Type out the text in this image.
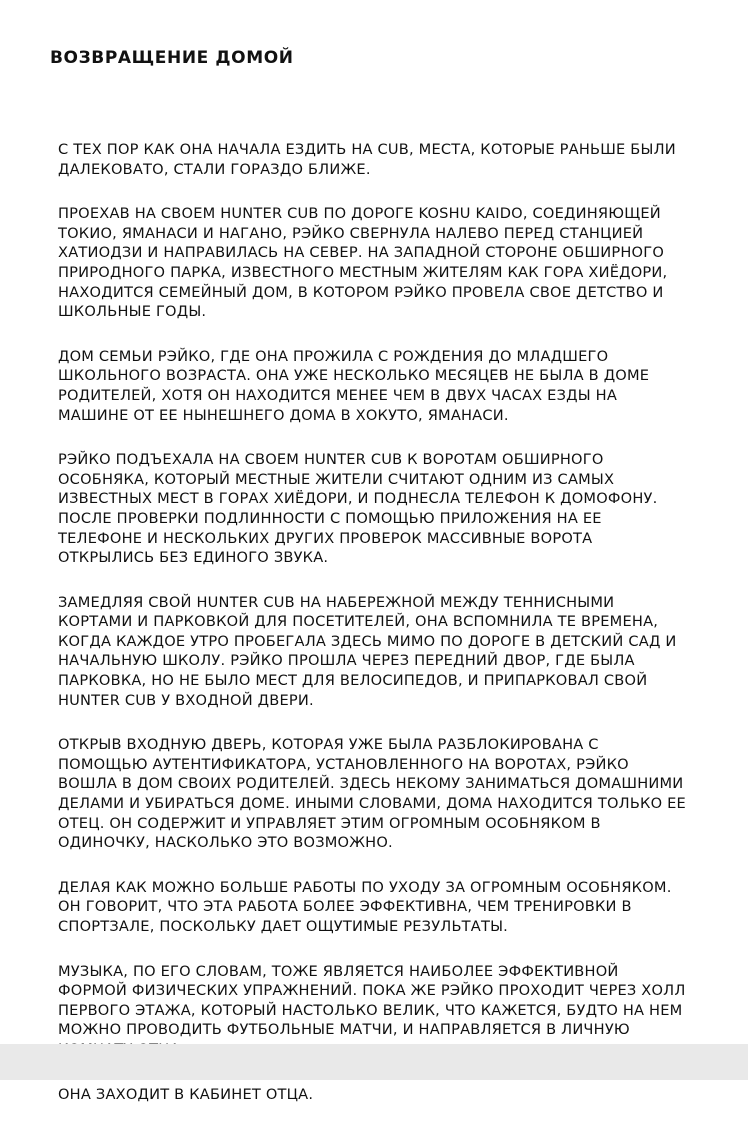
ВОЗВРАЩЕНИЕ ДОМОЙ

С ТЕХ ПОР КАК ОНА НАЧАЛА ЕЗДИТЬ НА CUB, МЕСТА, КОТОРЫЕ РАНЬШЕ БЫЛИ ДАЛЕКОВАТО, СТАЛИ ГОРАЗДО БЛИЖЕ.

ПРОЕХАВ НА СВОЕМ HUNTER CUB ПО ДОРОГЕ KOSHU KAIDO, СОЕДИНЯЮЩЕЙ ТОКИО, ЯМАНАСИ И НАГАНО, РЭЙКО СВЕРНУЛА НАЛЕВО ПЕРЕД СТАНЦИЕЙ ХАТИОДЗИ И НАПРАВИЛАСЬ НА СЕВЕР. НА ЗАПАДНОЙ СТОРОНЕ ОБШИРНОГО ПРИРОДНОГО ПАРКА, ИЗВЕСТНОГО МЕСТНЫМ ЖИТЕЛЯМ КАК ГОРА ХИЁДОРИ, НАХОДИТСЯ СЕМЕЙНЫЙ ДОМ, В КОТОРОМ РЭЙКО ПРОВЕЛА СВОЕ ДЕТСТВО И ШКОЛЬНЫЕ ГОДЫ.

ДОМ СЕМЬИ РЭЙКО, ГДЕ ОНА ПРОЖИЛА С РОЖДЕНИЯ ДО МЛАДШЕГО ШКОЛЬНОГО ВОЗРАСТА. ОНА УЖЕ НЕСКОЛЬКО МЕСЯЦЕВ НЕ БЫЛА В ДОМЕ РОДИТЕЛЕЙ, ХОТЯ ОН НАХОДИТСЯ МЕНЕЕ ЧЕМ В ДВУХ ЧАСАХ ЕЗДЫ НА МАШИНЕ ОТ ЕЕ НЫНЕШНЕГО ДОМА В ХОКУТО, ЯМАНАСИ.

РЭЙКО ПОДЪЕХАЛА НА СВОЕМ HUNTER CUB К ВОРОТАМ ОБШИРНОГО ОСОБНЯКА, КОТОРЫЙ МЕСТНЫЕ ЖИТЕЛИ СЧИТАЮТ ОДНИМ ИЗ САМЫХ ИЗВЕСТНЫХ МЕСТ В ГОРАХ ХИЁДОРИ, И ПОДНЕСЛА ТЕЛЕФОН К ДОМОФОНУ. ПОСЛЕ ПРОВЕРКИ ПОДЛИННОСТИ С ПОМОЩЬЮ ПРИЛОЖЕНИЯ НА ЕЕ ТЕЛЕФОНЕ И НЕСКОЛЬКИХ ДРУГИХ ПРОВЕРОК МАССИВНЫЕ ВОРОТА ОТКРЫЛИСЬ БЕЗ ЕДИНОГО ЗВУКА.

ЗАМЕДЛЯЯ СВОЙ HUNTER CUB НА НАБЕРЕЖНОЙ МЕЖДУ ТЕННИСНЫМИ КОРТАМИ И ПАРКОВКОЙ ДЛЯ ПОСЕТИТЕЛЕЙ, ОНА ВСПОМНИЛА ТЕ ВРЕМЕНА, КОГДА КАЖДОЕ УТРО ПРОБЕГАЛА ЗДЕСЬ МИМО ПО ДОРОГЕ В ДЕТСКИЙ САД И НАЧАЛЬНУЮ ШКОЛУ. РЭЙКО ПРОШЛА ЧЕРЕЗ ПЕРЕДНИЙ ДВОР, ГДЕ БЫЛА ПАРКОВКА, НО НЕ БЫЛО МЕСТ ДЛЯ ВЕЛОСИПЕДОВ, И ПРИПАРКОВАЛ СВОЙ HUNTER CUB У ВХОДНОЙ ДВЕРИ.

ОТКРЫВ ВХОДНУЮ ДВЕРЬ, КОТОРАЯ УЖЕ БЫЛА РАЗБЛОКИРОВАНА С ПОМОЩЬЮ АУТЕНТИФИКАТОРА, УСТАНОВЛЕННОГО НА ВОРОТАХ, РЭЙКО ВОШЛА В ДОМ СВОИХ РОДИТЕЛЕЙ. ЗДЕСЬ НЕКОМУ ЗАНИМАТЬСЯ ДОМАШНИМИ ДЕЛАМИ И УБИРАТЬСЯ ДОМЕ. ИНЫМИ СЛОВАМИ, ДОМА НАХОДИТСЯ ТОЛЬКО ЕЕ ОТЕЦ. ОН СОДЕРЖИТ И УПРАВЛЯЕТ ЭТИМ ОГРОМНЫМ ОСОБНЯКОМ В ОДИНОЧКУ, НАСКОЛЬКО ЭТО ВОЗМОЖНО.

ДЕЛАЯ КАК МОЖНО БОЛЬШЕ РАБОТЫ ПО УХОДУ ЗА ОГРОМНЫМ ОСОБНЯКОМ. ОН ГОВОРИТ, ЧТО ЭТА РАБОТА БОЛЕЕ ЭФФЕКТИВНА, ЧЕМ ТРЕНИРОВКИ В СПОРТЗАЛЕ, ПОСКОЛЬКУ ДАЕТ ОЩУТИМЫЕ РЕЗУЛЬТАТЫ.

МУЗЫКА, ПО ЕГО СЛОВАМ, ТОЖЕ ЯВЛЯЕТСЯ НАИБОЛЕЕ ЭФФЕКТИВНОЙ ФОРМОЙ ФИЗИЧЕСКИХ УПРАЖНЕНИЙ. ПОКА ЖЕ РЭЙКО ПРОХОДИТ ЧЕРЕЗ ХОЛЛ ПЕРВОГО ЭТАЖА, КОТОРЫЙ НАСТОЛЬКО ВЕЛИК, ЧТО КАЖЕТСЯ, БУДТО НА НЕМ МОЖНО ПРОВОДИТЬ ФУТБОЛЬНЫЕ МАТЧИ, И НАПРАВЛЯЕТСЯ В ЛИЧНУЮ

ОНА ЗАХОДИТ В КАБИНЕТ ОТЦА.
